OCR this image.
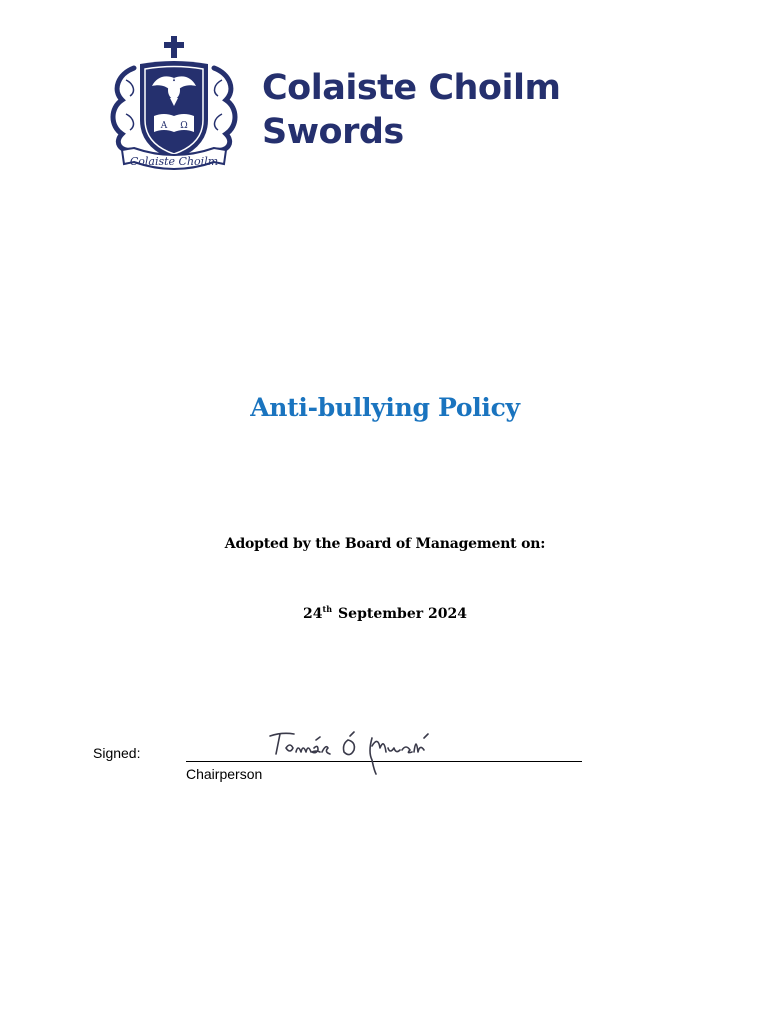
A Ω
Colaiste Choilm
Colaiste Choilm
Swords
Anti-bullying Policy
Adopted by the Board of Management on:
24th September 2024
Signed:
Chairperson
